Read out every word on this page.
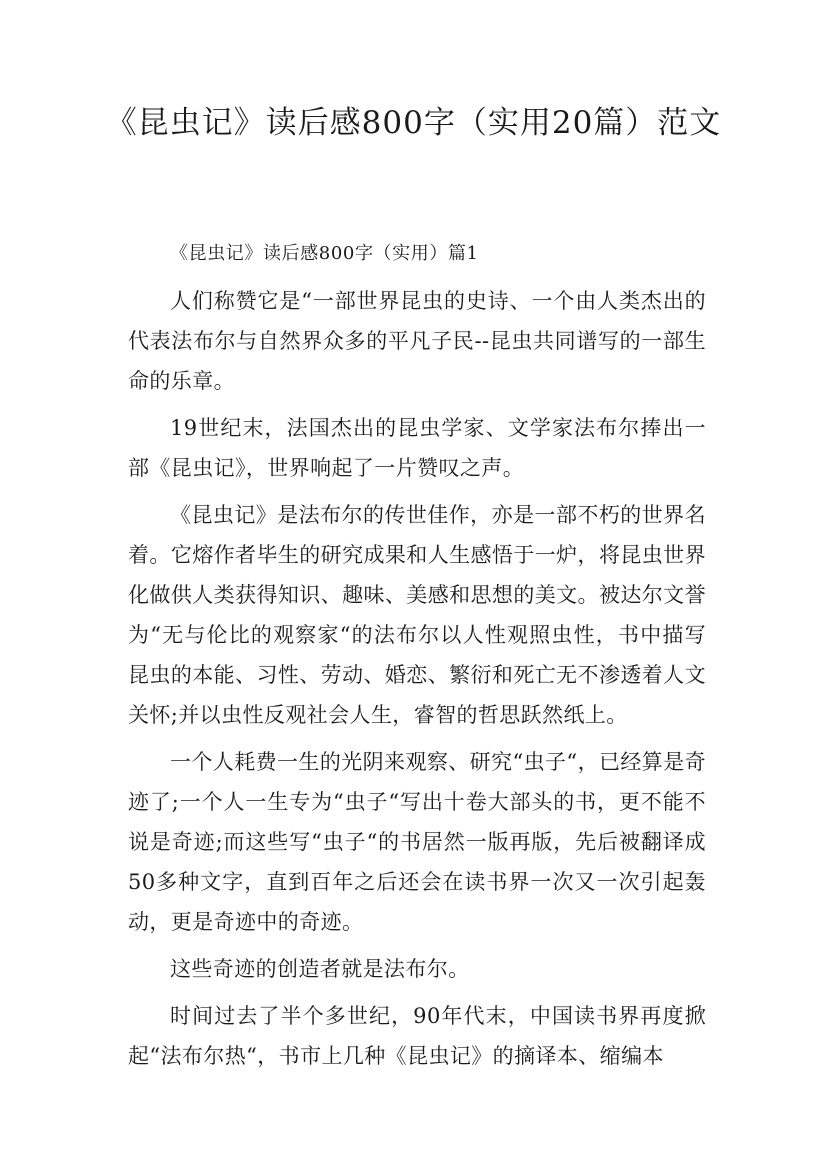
《昆虫记》读后感800字（实用20篇）范文

《昆虫记》读后感800字（实用）篇1

人们称赞它是“一部世界昆虫的史诗、一个由人类杰出的代表法布尔与自然界众多的平凡子民--昆虫共同谱写的一部生命的乐章。

19世纪末，法国杰出的昆虫学家、文学家法布尔捧出一部《昆虫记》，世界响起了一片赞叹之声。

《昆虫记》是法布尔的传世佳作，亦是一部不朽的世界名着。它熔作者毕生的研究成果和人生感悟于一炉，将昆虫世界化做供人类获得知识、趣味、美感和思想的美文。被达尔文誉为“无与伦比的观察家“的法布尔以人性观照虫性，书中描写昆虫的本能、习性、劳动、婚恋、繁衍和死亡无不渗透着人文关怀;并以虫性反观社会人生，睿智的哲思跃然纸上。

一个人耗费一生的光阴来观察、研究“虫子“，已经算是奇迹了;一个人一生专为“虫子“写出十卷大部头的书，更不能不说是奇迹;而这些写“虫子“的书居然一版再版，先后被翻译成50多种文字，直到百年之后还会在读书界一次又一次引起轰动，更是奇迹中的奇迹。

这些奇迹的创造者就是法布尔。

时间过去了半个多世纪，90年代末，中国读书界再度掀起“法布尔热“，书市上几种《昆虫记》的摘译本、缩编本
